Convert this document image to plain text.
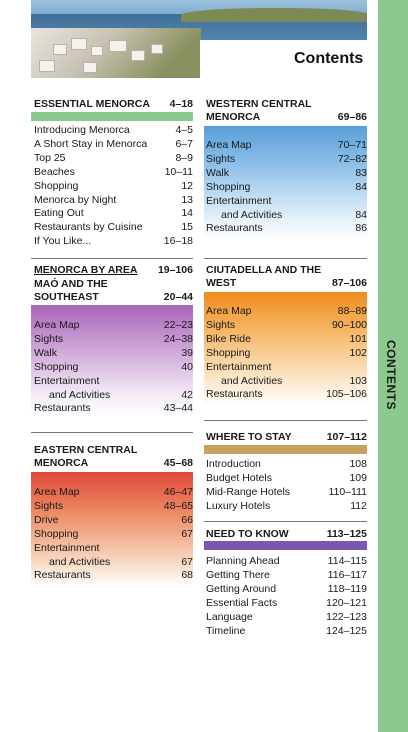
Contents
CONTENTS
ESSENTIAL MENORCA	4–18
Introducing Menorca	4–5
A Short Stay in Menorca	6–7
Top 25	8–9
Beaches	10–11
Shopping	12
Menorca by Night	13
Eating Out	14
Restaurants by Cuisine	15
If You Like...	16–18
MENORCA BY AREA	19–106
MAÓ AND THE SOUTHEAST	20–44
Area Map	22–23
Sights	24–38
Walk	39
Shopping	40
Entertainment
and Activities	42
Restaurants	43–44
EASTERN CENTRAL MENORCA	45–68
Area Map	46–47
Sights	48–65
Drive	66
Shopping	67
Entertainment
and Activities	67
Restaurants	68
WESTERN CENTRAL MENORCA	69–86
Area Map	70–71
Sights	72–82
Walk	83
Shopping	84
Entertainment
and Activities	84
Restaurants	86
CIUTADELLA AND THE WEST	87–106
Area Map	88–89
Sights	90–100
Bike Ride	101
Shopping	102
Entertainment
and Activities	103
Restaurants	105–106
WHERE TO STAY	107–112
Introduction	108
Budget Hotels	109
Mid-Range Hotels	110–111
Luxury Hotels	112
NEED TO KNOW	113–125
Planning Ahead	114–115
Getting There	116–117
Getting Around	118–119
Essential Facts	120–121
Language	122–123
Timeline	124–125
